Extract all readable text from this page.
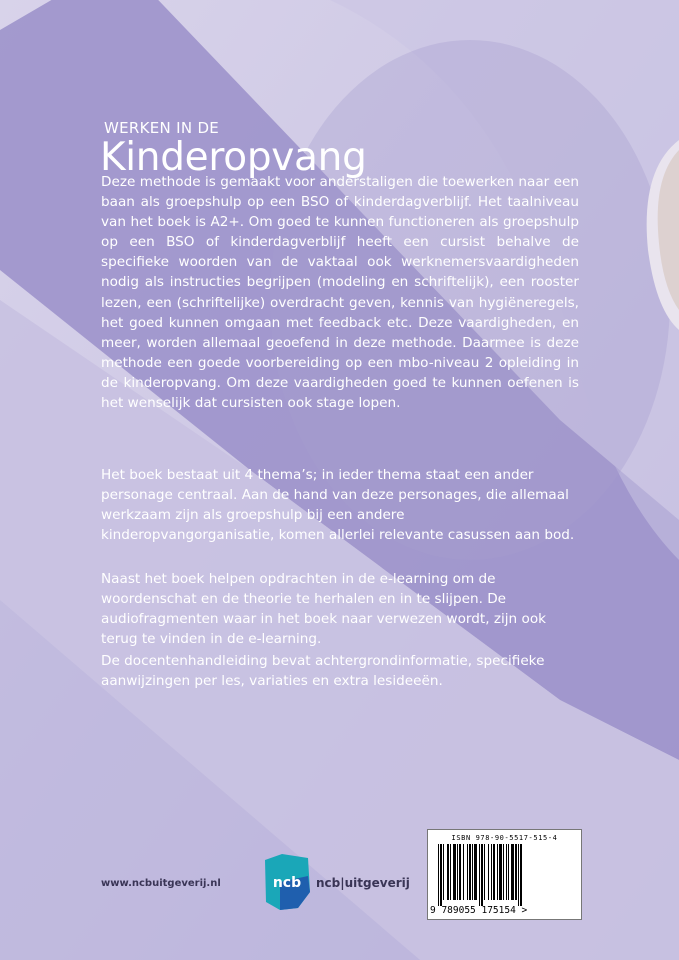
WERKEN IN DE
Kinderopvang

Deze methode is gemaakt voor anderstaligen die toewerken naar een baan als groepshulp op een BSO of kinderdagverblijf. Het taalniveau van het boek is A2+. Om goed te kunnen functioneren als groepshulp op een BSO of kinderdagverblijf heeft een cursist behalve de specifieke woorden van de vaktaal ook werknemersvaardigheden nodig als instructies begrijpen (modeling en schriftelijk), een rooster lezen, een (schriftelijke) overdracht geven, kennis van hygiëneregels, het goed kunnen omgaan met feedback etc. Deze vaardigheden, en meer, worden allemaal geoefend in deze methode. Daarmee is deze methode een goede voorbereiding op een mbo-niveau 2 opleiding in de kinderopvang. Om deze vaardigheden goed te kunnen oefenen is het wenselijk dat cursisten ook stage lopen.

Het boek bestaat uit 4 thema’s; in ieder thema staat een ander personage centraal. Aan de hand van deze personages, die allemaal werkzaam zijn als groepshulp bij een andere kinderopvangorganisatie, komen allerlei relevante casussen aan bod.

Naast het boek helpen opdrachten in de e-learning om de woordenschat en de theorie te herhalen en in te slijpen. De audiofragmenten waar in het boek naar verwezen wordt, zijn ook terug te vinden in de e-learning.

De docentenhandleiding bevat achtergrondinformatie, specifieke aanwijzingen per les, variaties en extra lesideeën.

www.ncbuitgeverij.nl	ncb ncb|uitgeverij
ISBN 978-90-5517-515-4
9 789055 175154 >
